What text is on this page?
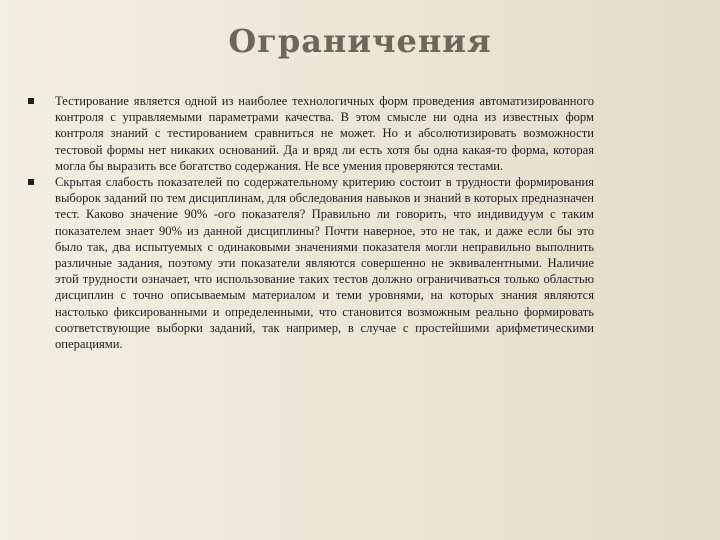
Ограничения
Тестирование является одной из наиболее технологичных форм проведения автоматизированного контроля с управляемыми параметрами качества. В этом смысле ни одна из известных форм контроля знаний с тестированием сравниться не может. Но и абсолютизировать возможности тестовой формы нет никаких оснований. Да и вряд ли есть хотя бы одна какая-то форма, которая могла бы выразить все богатство содержания. Не все умения проверяются тестами.
Скрытая слабость показателей по содержательному критерию состоит в трудности формирования выборок заданий по тем дисциплинам, для обследования навыков и знаний в которых предназначен тест. Каково значение 90% -ого показателя? Правильно ли говорить, что индивидуум с таким показателем знает 90% из данной дисциплины? Почти наверное, это не так, и даже если бы это было так, два испытуемых с одинаковыми значениями показателя могли неправильно выполнить различные задания, поэтому эти показатели являются совершенно не эквивалентными. Наличие этой трудности означает, что использование таких тестов должно ограничиваться только областью дисциплин с точно описываемым материалом и теми уровнями, на которых знания являются настолько фиксированными и определенными, что становится возможным реально формировать соответствующие выборки заданий, так например, в случае с простейшими арифметическими операциями.
